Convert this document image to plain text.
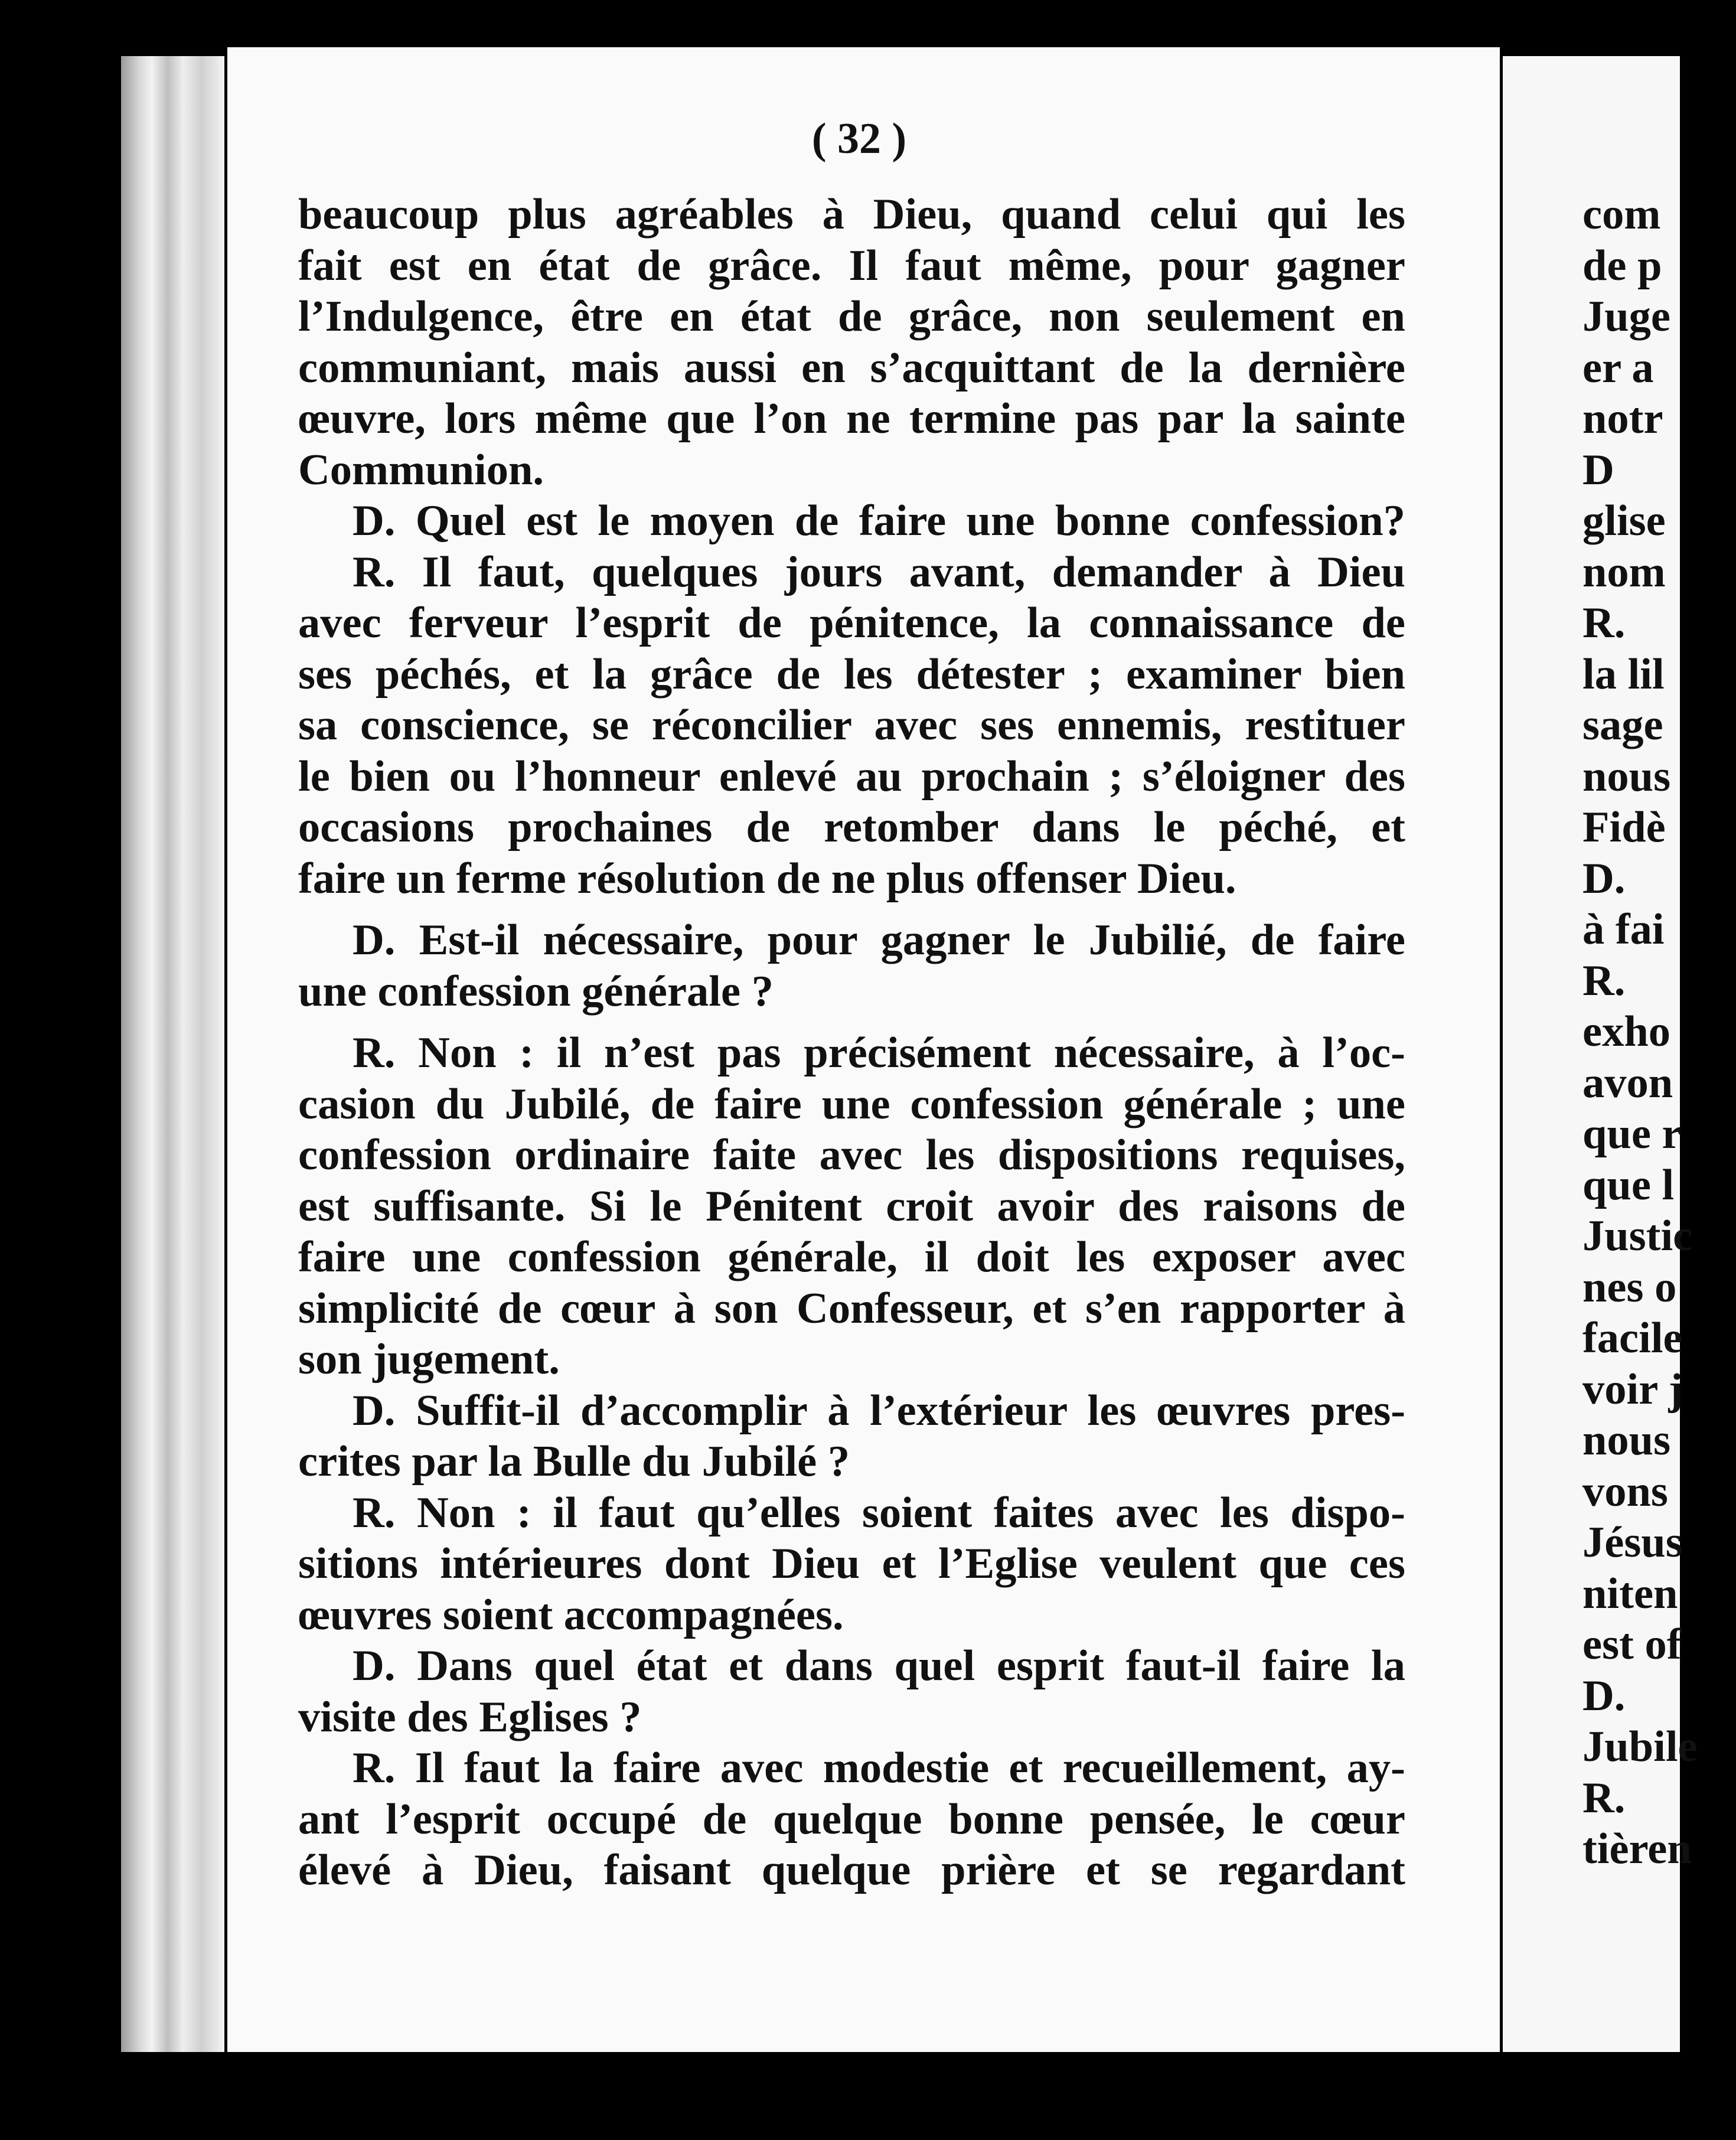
( 32 )
beaucoup plus agréables à Dieu, quand celui qui les
fait est en état de grâce. Il faut même, pour gagner
l’Indulgence, être en état de grâce, non seulement en
communiant, mais aussi en s’acquittant de la dernière
œuvre, lors même que l’on ne termine pas par la sainte
Communion.
D. Quel est le moyen de faire une bonne confession?
R. Il faut, quelques jours avant, demander à Dieu
avec ferveur l’esprit de pénitence, la connaissance de
ses péchés, et la grâce de les détester ; examiner bien
sa conscience, se réconcilier avec ses ennemis, restituer
le bien ou l’honneur enlevé au prochain ; s’éloigner des
occasions prochaines de retomber dans le péché, et
faire un ferme résolution de ne plus offenser Dieu.
D. Est-il nécessaire, pour gagner le Jubilié, de faire
une confession générale ?
R. Non : il n’est pas précisément nécessaire, à l’oc-
casion du Jubilé, de faire une confession générale ; une
confession ordinaire faite avec les dispositions requises,
est suffisante. Si le Pénitent croit avoir des raisons de
faire une confession générale, il doit les exposer avec
simplicité de cœur à son Confesseur, et s’en rapporter à
son jugement.
D. Suffit-il d’accomplir à l’extérieur les œuvres pres-
crites par la Bulle du Jubilé ?
R. Non : il faut qu’elles soient faites avec les dispo-
sitions intérieures dont Dieu et l’Eglise veulent que ces
œuvres soient accompagnées.
D. Dans quel état et dans quel esprit faut-il faire la
visite des Eglises ?
R. Il faut la faire avec modestie et recueillement, ay-
ant l’esprit occupé de quelque bonne pensée, le cœur
élevé à Dieu, faisant quelque prière et se regardant
com
de p
Juge
er a
notr
D
glise
nom
R.
la lil
sage
nous
Fidè
D.
à fai
R.
exho
avon
que r
que l
Justic
nes o
facile
voir j
nous
vons
Jésus
niten
est of
D.
Jubile
R.
tièren
